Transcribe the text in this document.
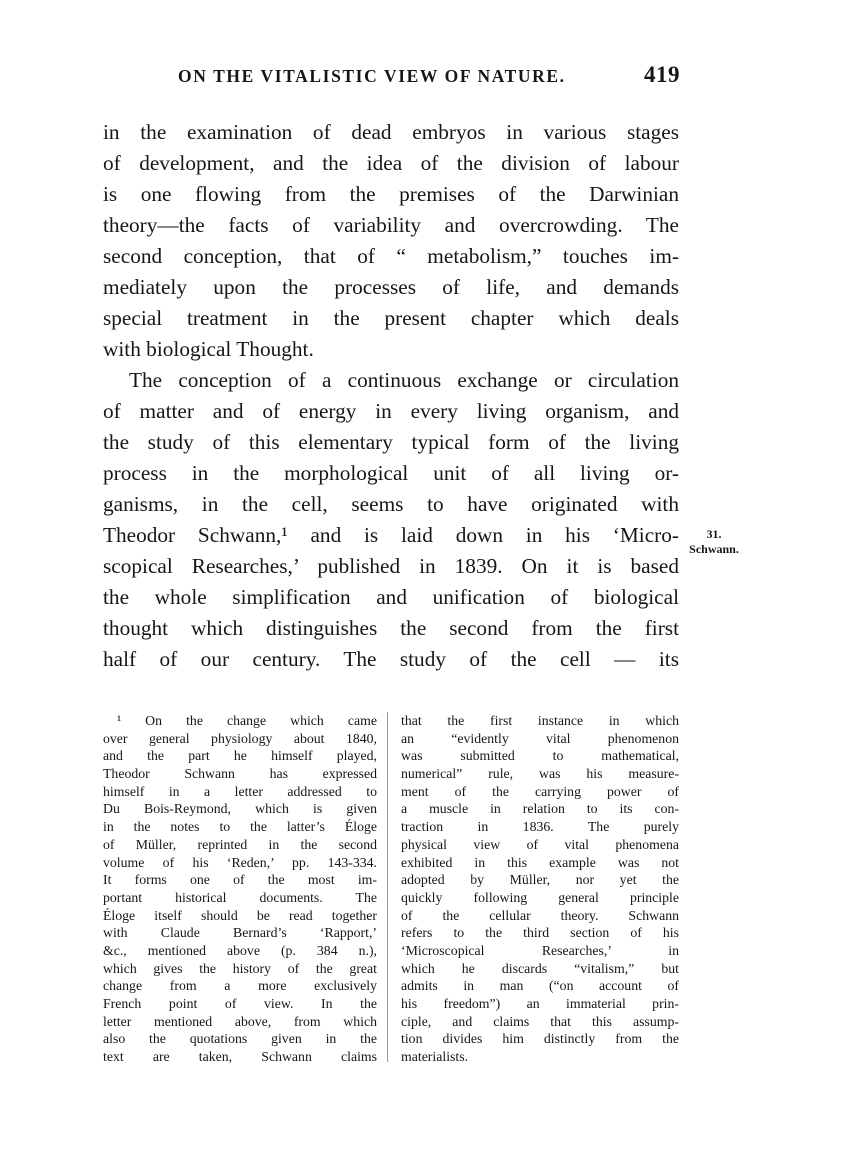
ON THE VITALISTIC VIEW OF NATURE.	419
in the examination of dead embryos in various stages
of development, and the idea of the division of labour
is one flowing from the premises of the Darwinian
theory—the facts of variability and overcrowding. The
second conception, that of “ metabolism,” touches im-
mediately upon the processes of life, and demands
special treatment in the present chapter which deals
with biological Thought.
The conception of a continuous exchange or circulation
of matter and of energy in every living organism, and
the study of this elementary typical form of the living
process in the morphological unit of all living or-
ganisms, in the cell, seems to have originated with
Theodor Schwann,¹ and is laid down in his ‘Micro-
scopical Researches,’ published in 1839. On it is based
the whole simplification and unification of biological
thought which distinguishes the second from the first
half of our century. The study of the cell — its
31.
Schwann.
¹ On the change which came
over general physiology about 1840,
and the part he himself played,
Theodor Schwann has expressed
himself in a letter addressed to
Du Bois-Reymond, which is given
in the notes to the latter’s Éloge
of Müller, reprinted in the second
volume of his ‘Reden,’ pp. 143-334.
It forms one of the most im-
portant historical documents. The
Éloge itself should be read together
with Claude Bernard’s ‘Rapport,’
&c., mentioned above (p. 384 n.),
which gives the history of the great
change from a more exclusively
French point of view. In the
letter mentioned above, from which
also the quotations given in the
text are taken, Schwann claims
that the first instance in which
an “evidently vital phenomenon
was submitted to mathematical,
numerical” rule, was his measure-
ment of the carrying power of
a muscle in relation to its con-
traction in 1836. The purely
physical view of vital phenomena
exhibited in this example was not
adopted by Müller, nor yet the
quickly following general principle
of the cellular theory. Schwann
refers to the third section of his
‘Microscopical Researches,’ in
which he discards “vitalism,” but
admits in man (“on account of
his freedom”) an immaterial prin-
ciple, and claims that this assump-
tion divides him distinctly from the
materialists.
